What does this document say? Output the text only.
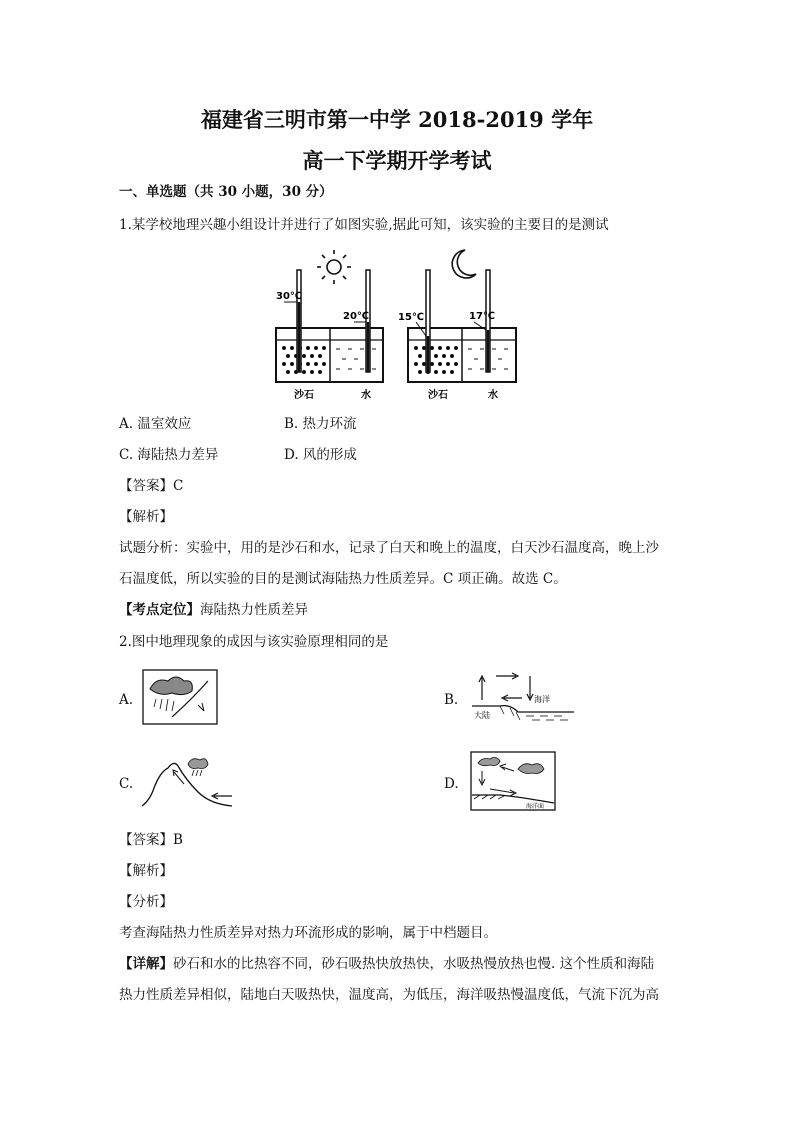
福建省三明市第一中学 2018-2019 学年
高一下学期开学考试
一、单选题（共 30 小题，30 分）
1.某学校地理兴趣小组设计并进行了如图实验,据此可知，该实验的主要目的是测试
30℃
20℃
沙石	水
15℃	17℃
沙石	水
A. 温室效应	B. 热力环流
C. 海陆热力差异	D. 风的形成
【答案】C
【解析】
试题分析：实验中，用的是沙石和水，记录了白天和晚上的温度，白天沙石温度高，晚上沙
石温度低，所以实验的目的是测试海陆热力性质差异。C 项正确。故选 C。
【考点定位】海陆热力性质差异
2.图中地理现象的成因与该实验原理相同的是
A.	B.
大陆
海洋
C.	D.
海洋面
【答案】B
【解析】
【分析】
考查海陆热力性质差异对热力环流形成的影响，属于中档题目。
【详解】砂石和水的比热容不同，砂石吸热快放热快，水吸热慢放热也慢. 这个性质和海陆
热力性质差异相似，陆地白天吸热快，温度高，为低压，海洋吸热慢温度低，气流下沉为高
